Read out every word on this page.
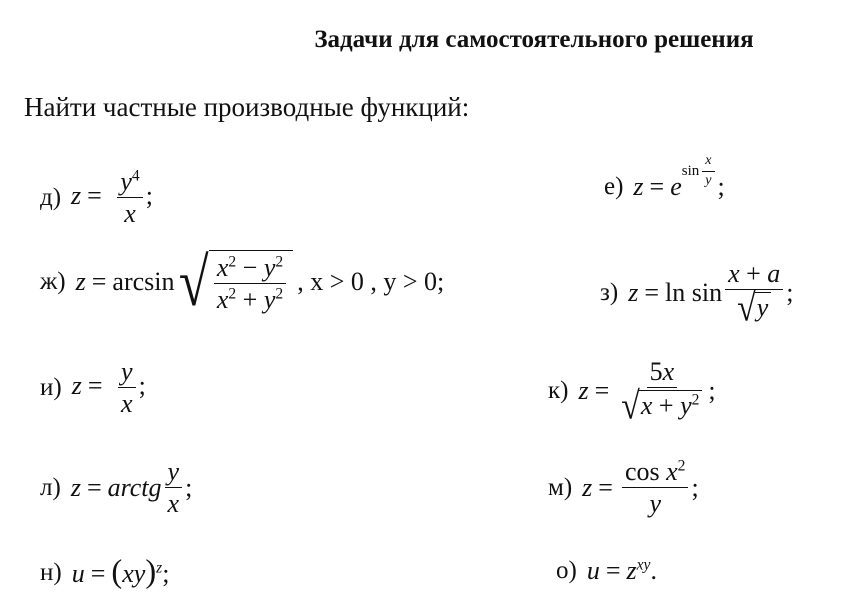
Задачи для самостоятельного решения
Найти частные производные функций:
д) $z = \frac{y^4}{x}$ ;	е) z = e
$\sin \frac{x}{y}$ ;
ж) z = arcsin √ $\frac{x^2 - y^2}{x^2 + y^2}$ , x > 0 , y > 0;	з) $z = \ln \sin \frac{x + a}{√ y}$ ;
и) $z = \frac{y}{x}$ ;	к) $z = \frac{5x}{√ x + y^2}$ ;
л) z = arctg $\frac{y}{x}$ ;	м) $z = \frac{\cos x^2}{y}$ ;
н) u = (xy)$^z$;	о) $u = z^{xy}$.
